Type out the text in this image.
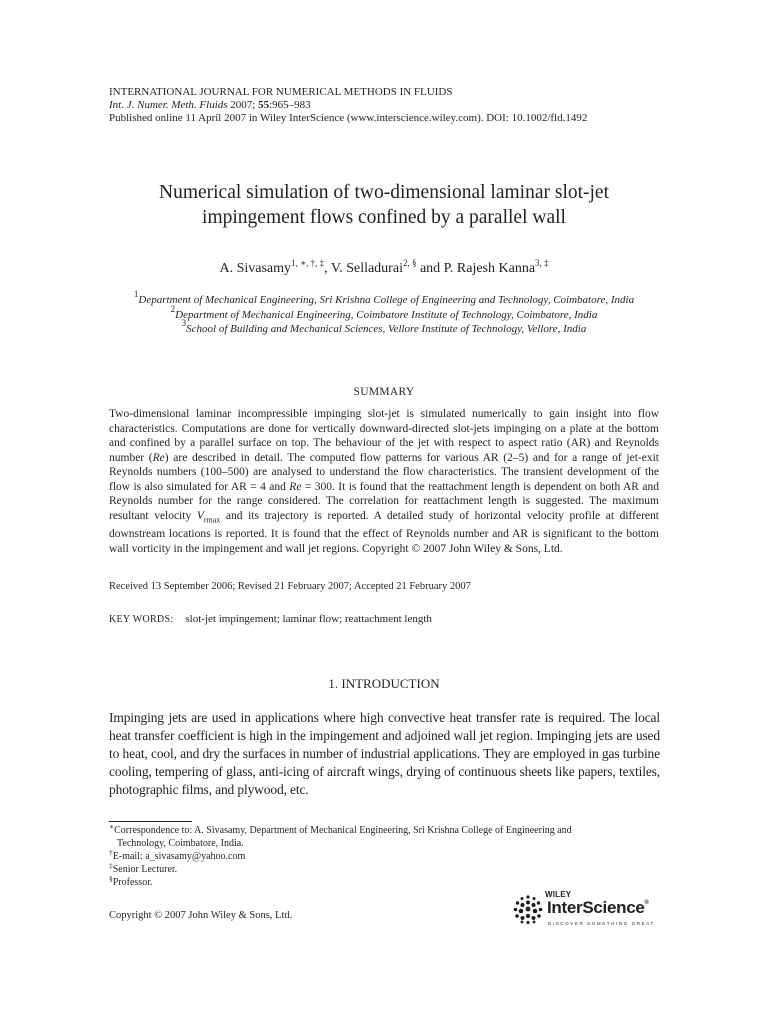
INTERNATIONAL JOURNAL FOR NUMERICAL METHODS IN FLUIDS
Int. J. Numer. Meth. Fluids 2007; 55:965–983
Published online 11 April 2007 in Wiley InterScience (www.interscience.wiley.com). DOI: 10.1002/fld.1492
Numerical simulation of two-dimensional laminar slot-jet
impingement flows confined by a parallel wall
A. Sivasamy$^{1, ∗, \dagger, \ddagger}$, V. Selladurai$^{2, \S}$ and P. Rajesh Kanna$^{3, \ddagger}$
$^1$Department of Mechanical Engineering, Sri Krishna College of Engineering and Technology, Coimbatore, India
$^2$Department of Mechanical Engineering, Coimbatore Institute of Technology, Coimbatore, India
$^3$School of Building and Mechanical Sciences, Vellore Institute of Technology, Vellore, India
SUMMARY
Two-dimensional laminar incompressible impinging slot-jet is simulated numerically to gain insight into flow characteristics. Computations are done for vertically downward-directed slot-jets impinging on a plate at the bottom and confined by a parallel surface on top. The behaviour of the jet with respect to aspect ratio (AR) and Reynolds number (Re) are described in detail. The computed flow patterns for various AR (2–5) and for a range of jet-exit Reynolds numbers (100–500) are analysed to understand the flow characteristics. The transient development of the flow is also simulated for AR = 4 and Re = 300. It is found that the reattachment length is dependent on both AR and Reynolds number for the range considered. The correlation for reattachment length is suggested. The maximum resultant velocity $V_{rmax}$ and its trajectory is reported. A detailed study of horizontal velocity profile at different downstream locations is reported. It is found that the effect of Reynolds number and AR is significant to the bottom wall vorticity in the impingement and wall jet regions. Copyright © 2007 John Wiley & Sons, Ltd.
Received 13 September 2006; Revised 21 February 2007; Accepted 21 February 2007
KEY WORDS: slot-jet impingement; laminar flow; reattachment length
1. INTRODUCTION
Impinging jets are used in applications where high convective heat transfer rate is required. The local heat transfer coefficient is high in the impingement and adjoined wall jet region. Impinging jets are used to heat, cool, and dry the surfaces in number of industrial applications. They are employed in gas turbine cooling, tempering of glass, anti-icing of aircraft wings, drying of continuous sheets like papers, textiles, photographic films, and plywood, etc.
∗Correspondence to: A. Sivasamy, Department of Mechanical Engineering, Sri Krishna College of Engineering and
Technology, Coimbatore, India.
†E-mail: a_sivasamy@yahoo.com
‡Senior Lecturer.
§Professor.
Copyright © 2007 John Wiley & Sons, Ltd.
WILEY
InterScience®
DISCOVER SOMETHING GREAT
